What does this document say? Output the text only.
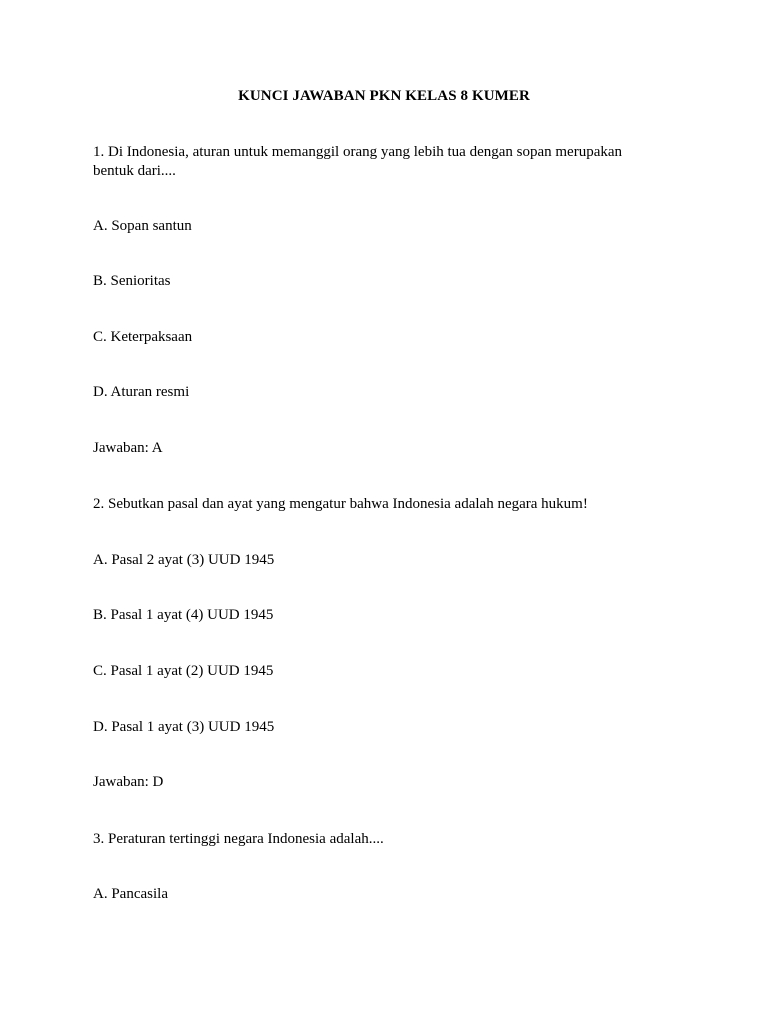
KUNCI JAWABAN PKN KELAS 8 KUMER
1. Di Indonesia, aturan untuk memanggil orang yang lebih tua dengan sopan merupakan
bentuk dari....
A. Sopan santun
B. Senioritas
C. Keterpaksaan
D. Aturan resmi
Jawaban: A
2. Sebutkan pasal dan ayat yang mengatur bahwa Indonesia adalah negara hukum!
A. Pasal 2 ayat (3) UUD 1945
B. Pasal 1 ayat (4) UUD 1945
C. Pasal 1 ayat (2) UUD 1945
D. Pasal 1 ayat (3) UUD 1945
Jawaban: D
3. Peraturan tertinggi negara Indonesia adalah....
A. Pancasila
